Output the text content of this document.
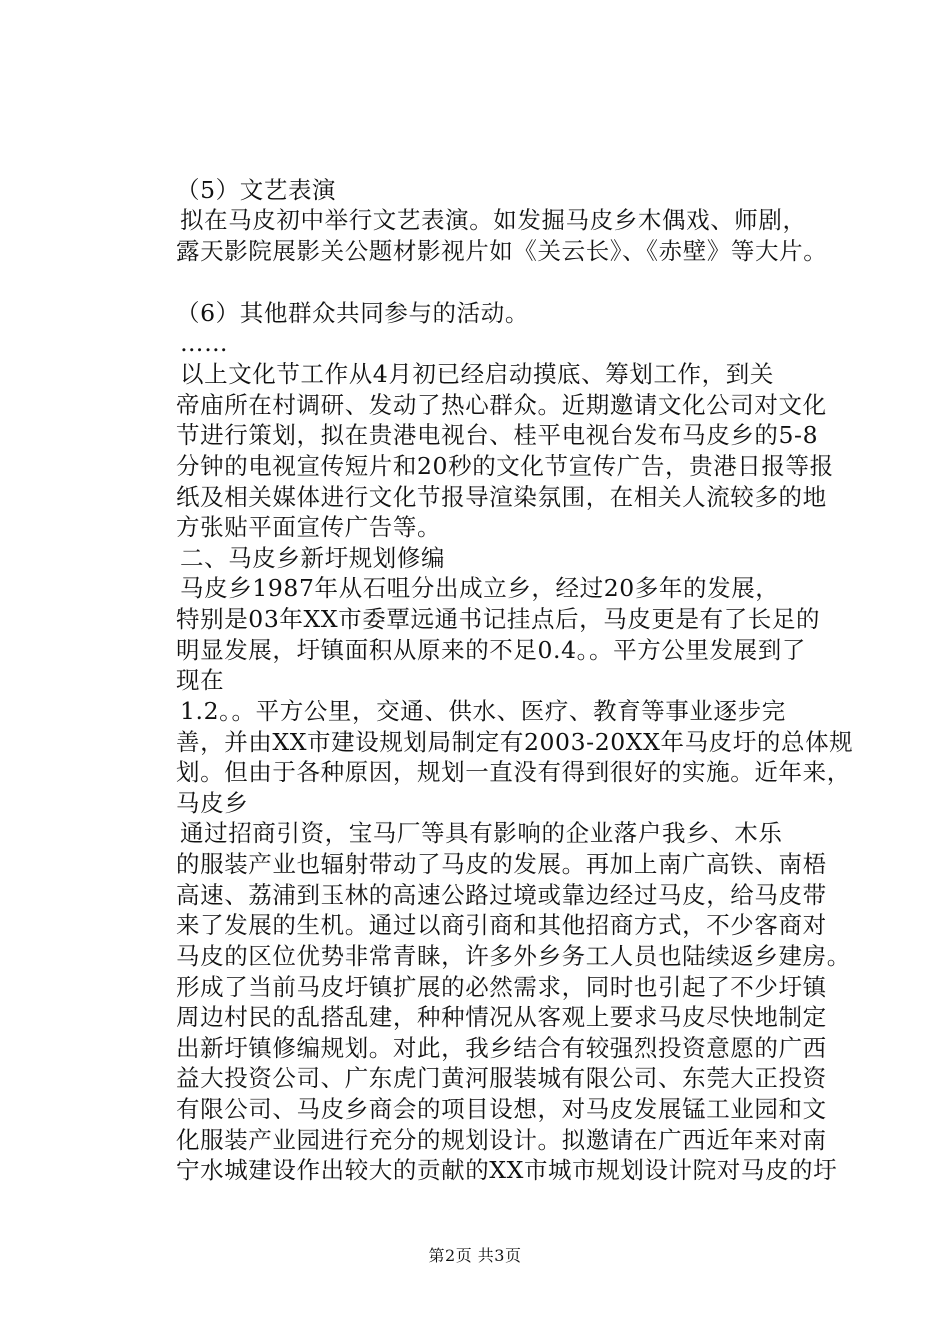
（5）文艺表演
拟在马皮初中举行文艺表演。如发掘马皮乡木偶戏、师剧，
露天影院展影关公题材影视片如《关云长》、《赤壁》等大片。
（6）其他群众共同参与的活动。
……
以上文化节工作从4月初已经启动摸底、筹划工作，到关
帝庙所在村调研、发动了热心群众。近期邀请文化公司对文化
节进行策划，拟在贵港电视台、桂平电视台发布马皮乡的5-8
分钟的电视宣传短片和20秒的文化节宣传广告，贵港日报等报
纸及相关媒体进行文化节报导渲染氛围，在相关人流较多的地
方张贴平面宣传广告等。
二、马皮乡新圩规划修编
马皮乡1987年从石咀分出成立乡，经过20多年的发展，
特别是03年XX市委覃远通书记挂点后，马皮更是有了长足的
明显发展，圩镇面积从原来的不足0.4。。平方公里发展到了
现在
1.2。。平方公里，交通、供水、医疗、教育等事业逐步完
善，并由XX市建设规划局制定有2003-20XX年马皮圩的总体规
划。但由于各种原因，规划一直没有得到很好的实施。近年来，
马皮乡
通过招商引资，宝马厂等具有影响的企业落户我乡、木乐
的服装产业也辐射带动了马皮的发展。再加上南广高铁、南梧
高速、荔浦到玉林的高速公路过境或靠边经过马皮，给马皮带
来了发展的生机。通过以商引商和其他招商方式，不少客商对
马皮的区位优势非常青睐，许多外乡务工人员也陆续返乡建房。
形成了当前马皮圩镇扩展的必然需求，同时也引起了不少圩镇
周边村民的乱搭乱建，种种情况从客观上要求马皮尽快地制定
出新圩镇修编规划。对此，我乡结合有较强烈投资意愿的广西
益大投资公司、广东虎门黄河服装城有限公司、东莞大正投资
有限公司、马皮乡商会的项目设想，对马皮发展锰工业园和文
化服装产业园进行充分的规划设计。拟邀请在广西近年来对南
宁水城建设作出较大的贡献的XX市城市规划设计院对马皮的圩
第2页 共3页
